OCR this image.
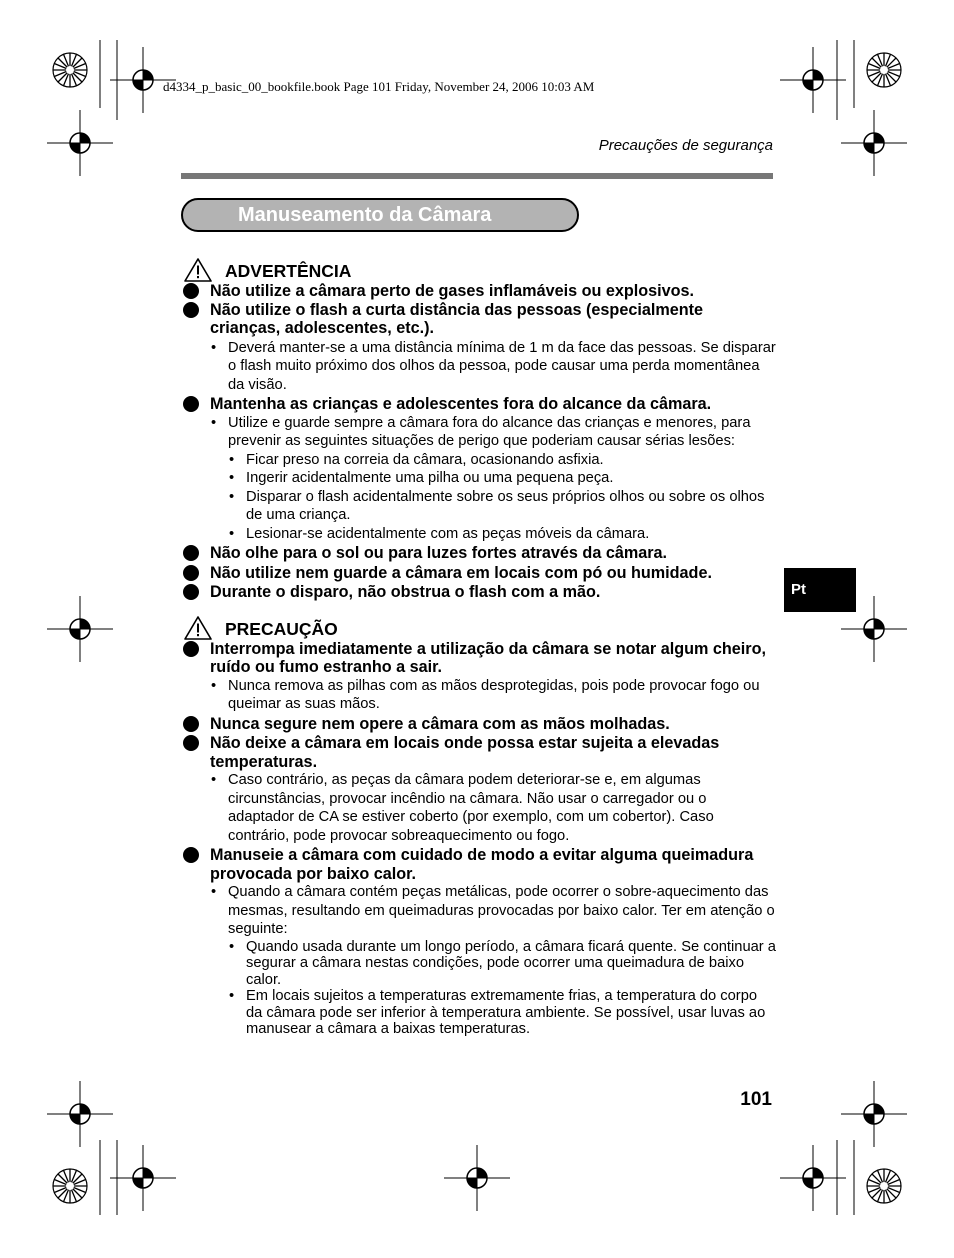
d4334_p_basic_00_bookfile.book Page 101 Friday, November 24, 2006 10:03 AM
Precauções de segurança
Manuseamento da Câmara
Pt
ADVERTÊNCIA
Não utilize a câmara perto de gases inflamáveis ou explosivos.
Não utilize o flash a curta distância das pessoas (especialmente crianças, adolescentes, etc.).
• Deverá manter-se a uma distância mínima de 1 m da face das pessoas. Se disparar o flash muito próximo dos olhos da pessoa, pode causar uma perda momentânea da visão.
Mantenha as crianças e adolescentes fora do alcance da câmara.
• Utilize e guarde sempre a câmara fora do alcance das crianças e menores, para prevenir as seguintes situações de perigo que poderiam causar sérias lesões:
• Ficar preso na correia da câmara, ocasionando asfixia.
• Ingerir acidentalmente uma pilha ou uma pequena peça.
• Disparar o flash acidentalmente sobre os seus próprios olhos ou sobre os olhos de uma criança.
• Lesionar-se acidentalmente com as peças móveis da câmara.
Não olhe para o sol ou para luzes fortes através da câmara.
Não utilize nem guarde a câmara em locais com pó ou humidade.
Durante o disparo, não obstrua o flash com a mão.
PRECAUÇÃO
Interrompa imediatamente a utilização da câmara se notar algum cheiro, ruído ou fumo estranho a sair.
• Nunca remova as pilhas com as mãos desprotegidas, pois pode provocar fogo ou queimar as suas mãos.
Nunca segure nem opere a câmara com as mãos molhadas.
Não deixe a câmara em locais onde possa estar sujeita a elevadas temperaturas.
• Caso contrário, as peças da câmara podem deteriorar-se e, em algumas circunstâncias, provocar incêndio na câmara. Não usar o carregador ou o adaptador de CA se estiver coberto (por exemplo, com um cobertor). Caso contrário, pode provocar sobreaquecimento ou fogo.
Manuseie a câmara com cuidado de modo a evitar alguma queimadura provocada por baixo calor.
• Quando a câmara contém peças metálicas, pode ocorrer o sobre-aquecimento das mesmas, resultando em queimaduras provocadas por baixo calor. Ter em atenção o seguinte:
• Quando usada durante um longo período, a câmara ficará quente. Se continuar a segurar a câmara nestas condições, pode ocorrer uma queimadura de baixo calor.
• Em locais sujeitos a temperaturas extremamente frias, a temperatura do corpo da câmara pode ser inferior à temperatura ambiente. Se possível, usar luvas ao manusear a câmara a baixas temperaturas.
101
